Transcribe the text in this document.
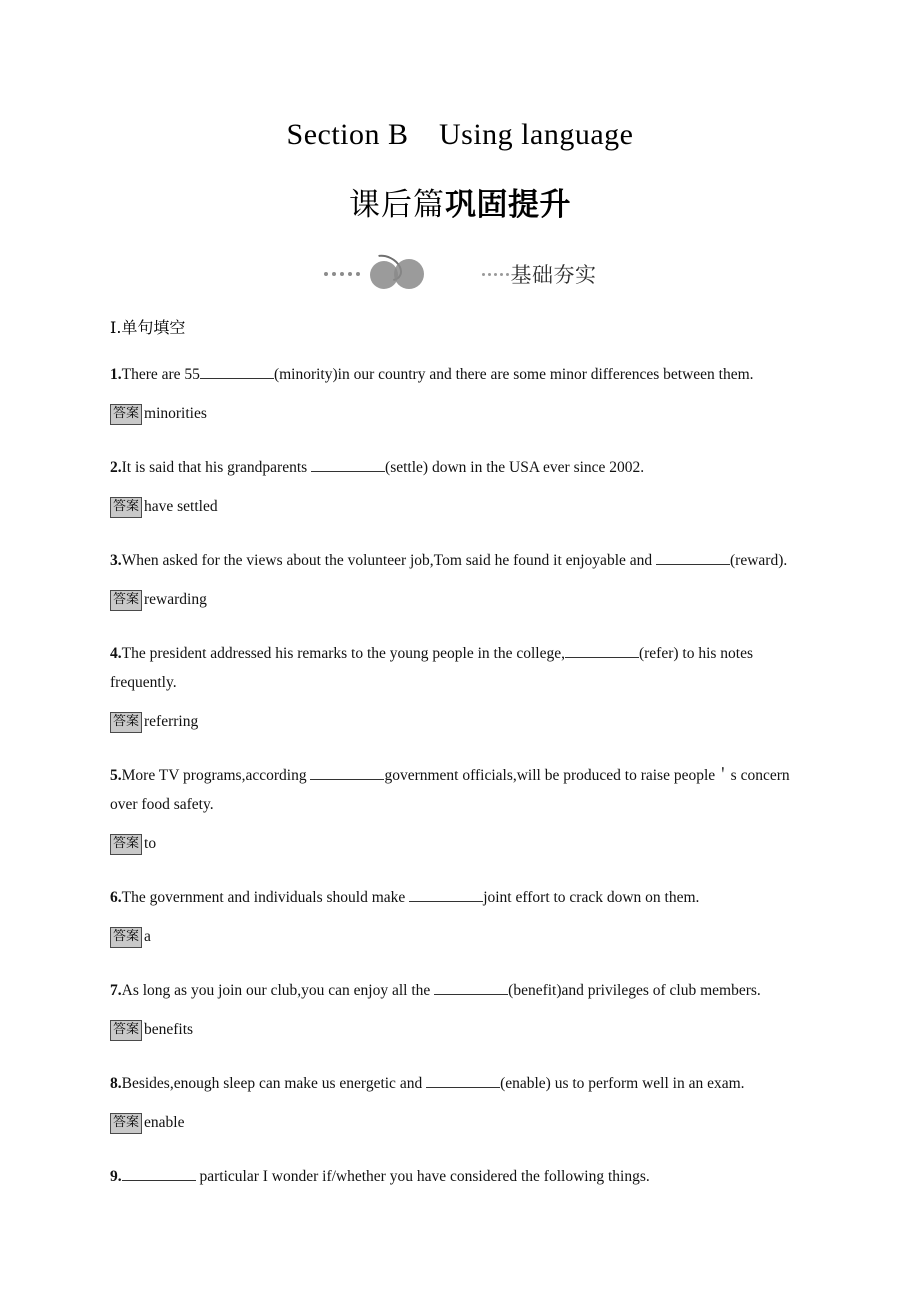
Section B Using language
课后篇巩固提升
基础夯实
Ⅰ.单句填空

1.There are 55	(minority)in our country and there are some minor differences between them.

答案 minorities

2.It is said that his grandparents	(settle) down in the USA ever since 2002.

答案 have settled

3.When asked for the views about the volunteer job,Tom said he found it enjoyable and	(reward).

答案 rewarding

4.The president addressed his remarks to the young people in the college,	(refer) to his notes frequently.

答案 referring

5.More TV programs,according	government officials,will be produced to raise people＇s concern over food safety.

答案 to

6.The government and individuals should make	joint effort to crack down on them.

答案 a

7.As long as you join our club,you can enjoy all the	(benefit)and privileges of club members.

答案 benefits

8.Besides,enough sleep can make us energetic and	(enable) us to perform well in an exam.

答案 enable

9.	particular I wonder if/whether you have considered the following things.
